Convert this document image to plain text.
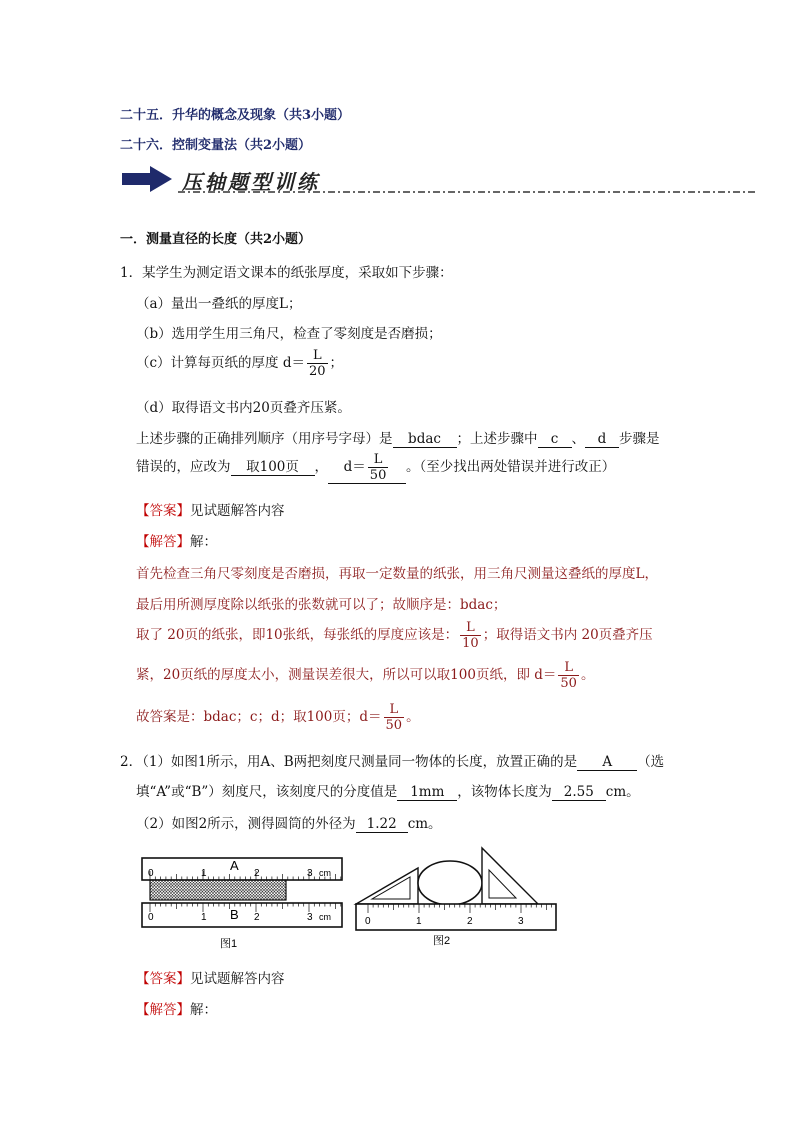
二十五．升华的概念及现象（共3小题）
二十六．控制变量法（共2小题）
压轴题型训练
一．测量直径的长度（共2小题）
1．某学生为测定语文课本的纸张厚度，采取如下步骤：
（a）量出一叠纸的厚度L；
（b）选用学生用三角尺，检查了零刻度是否磨损；
（c）计算每页纸的厚度 $d= \frac{L}{20}$ ；
（d）取得语文书内20页叠齐压紧。
上述步骤的正确排列顺序（用序号字母）是 bdac ；上述步骤中 c 、 d 步骤是
错误的，应改为 取100页 ， $d= \frac{L}{50}$ 。（至少找出两处错误并进行改正）
【答案】见试题解答内容
【解答】解：
首先检查三角尺零刻度是否磨损，再取一定数量的纸张，用三角尺测量这叠纸的厚度L，
最后用所测厚度除以纸张的张数就可以了；故顺序是：bdac；
取了 20页的纸张，即10张纸，每张纸的厚度应该是： $\frac{L}{10}$ ；取得语文书内 20页叠齐压
紧，20页纸的厚度太小，测量误差很大，所以可以取100页纸，即 $d= \frac{L}{50}$ 。
故答案是：bdac；c；d；取100页；$d= \frac{L}{50}$ 。
2．（1）如图1所示，用A、B两把刻度尺测量同一物体的长度，放置正确的是 A （选
填“A”或“B”）刻度尺，该刻度尺的分度值是 1mm ，该物体长度为 2.55 cm。
（2）如图2所示，测得圆筒的外径为 1.22 cm。
A
B
0	1	2	3 cm
0	1	2	3 cm
图1
0	1	2	3
图2
【答案】见试题解答内容
【解答】解：
